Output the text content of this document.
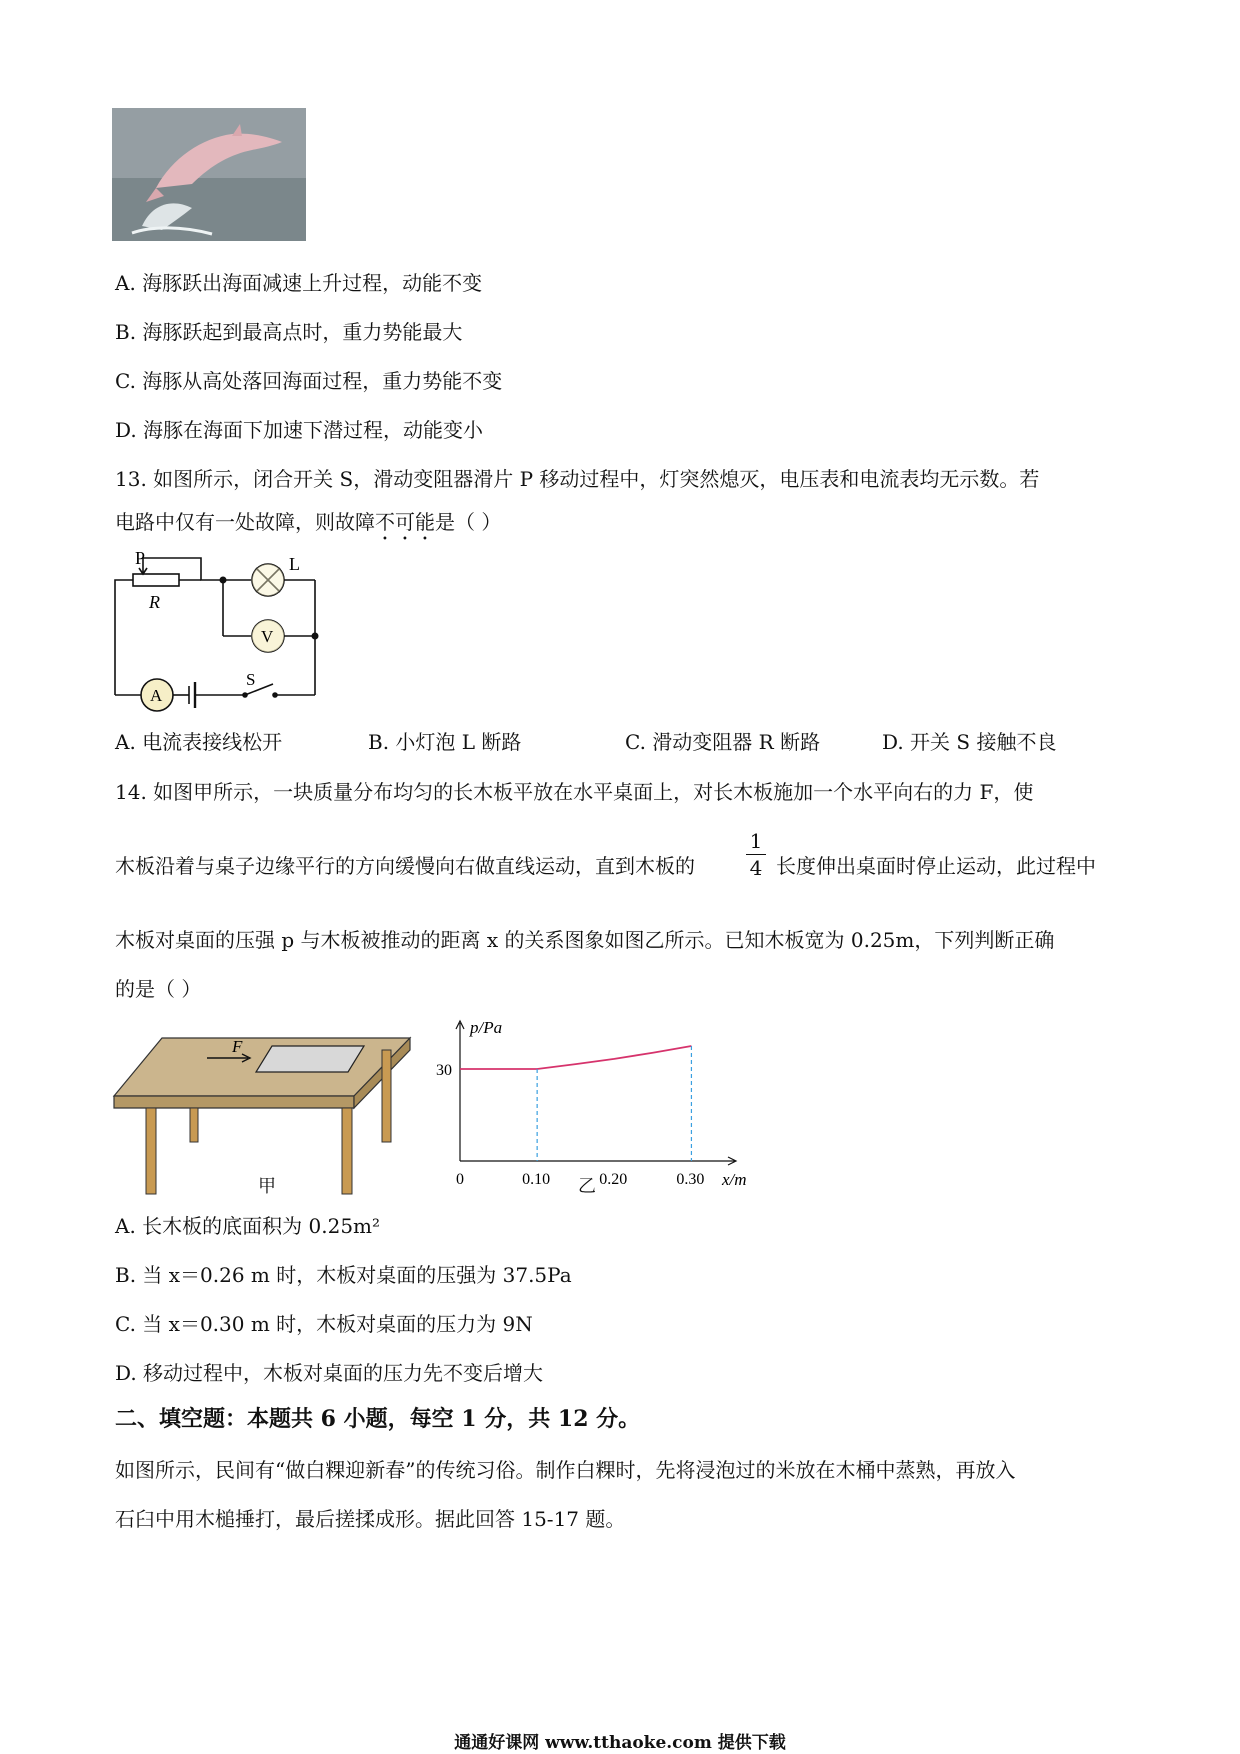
A. 海豚跃出海面减速上升过程，动能不变
B. 海豚跃起到最高点时，重力势能最大
C. 海豚从高处落回海面过程，重力势能不变
D. 海豚在海面下加速下潜过程，动能变小
13. 如图所示，闭合开关 S，滑动变阻器滑片 P 移动过程中，灯突然熄灭，电压表和电流表均无示数。若
电路中仅有一处故障，则故障不可能是（ ）
P
R
L
V
A
S
A. 电流表接线松开	B. 小灯泡 L 断路	C. 滑动变阻器 R 断路	D. 开关 S 接触不良
14. 如图甲所示，一块质量分布均匀的长木板平放在水平桌面上，对长木板施加一个水平向右的力 F，使
木板沿着与桌子边缘平行的方向缓慢向右做直线运动，直到木板的	$\frac{1}{4}$ 长度伸出桌面时停止运动，此过程中
木板对桌面的压强 p 与木板被推动的距离 x 的关系图象如图乙所示。已知木板宽为 0.25m，下列判断正确
的是（ ）
F
甲
p/Pa
x/m
0	0.10	0.20	0.30
30
乙
A. 长木板的底面积为 0.25m²
B. 当 x＝0.26 m 时，木板对桌面的压强为 37.5Pa
C. 当 x＝0.30 m 时，木板对桌面的压力为 9N
D. 移动过程中，木板对桌面的压力先不变后增大
二、填空题：本题共 6 小题，每空 1 分，共 12 分。
如图所示，民间有“做白粿迎新春”的传统习俗。制作白粿时，先将浸泡过的米放在木桶中蒸熟，再放入
石臼中用木槌捶打，最后搓揉成形。据此回答 15-17 题。
通通好课网 www.tthaoke.com 提供下载
